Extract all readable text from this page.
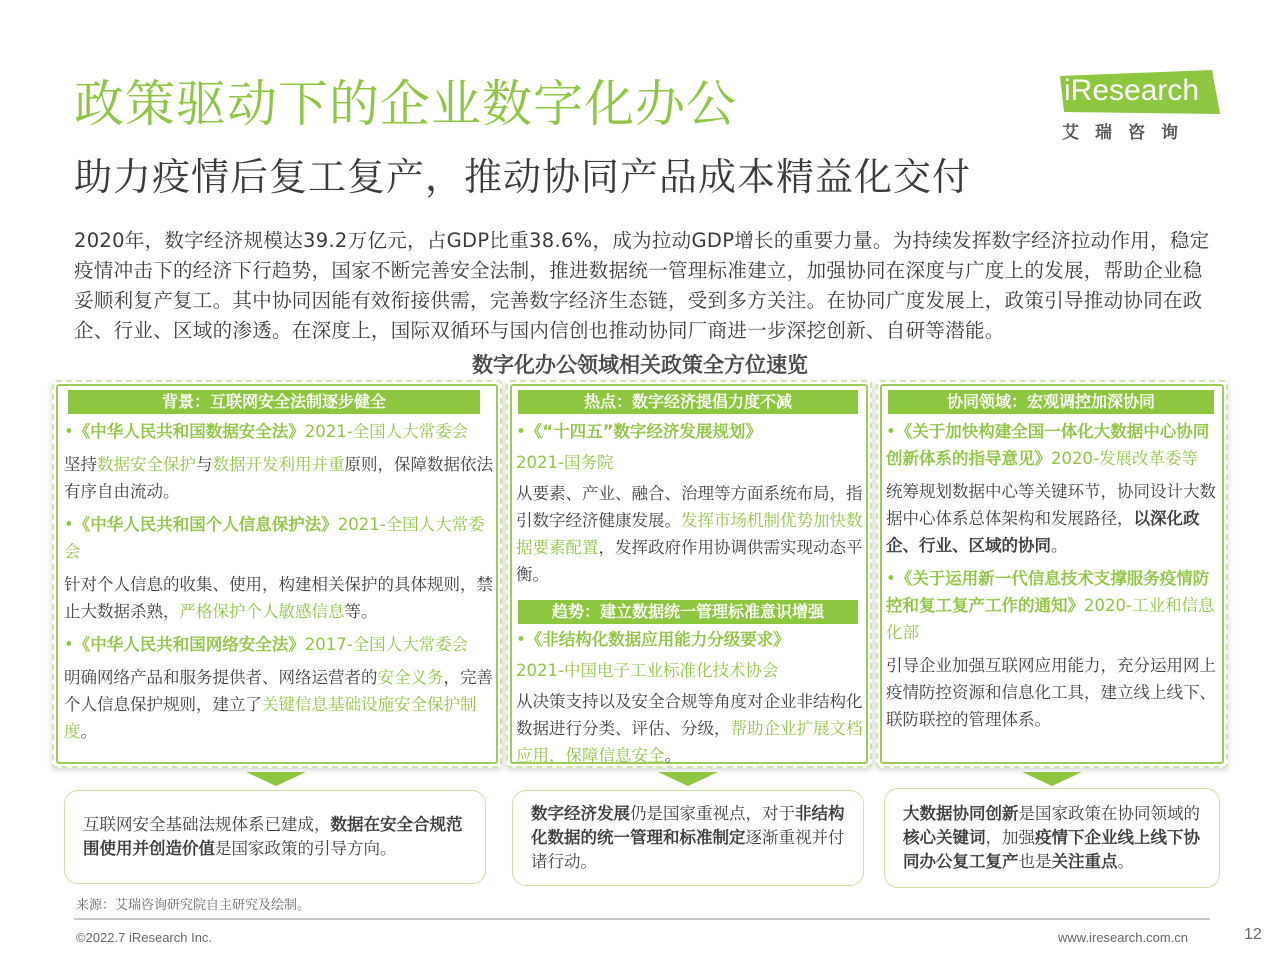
政策驱动下的企业数字化办公
助力疫情后复工复产，推动协同产品成本精益化交付
iResearch
艾瑞咨询
2020年，数字经济规模达39.2万亿元，占GDP比重38.6%，成为拉动GDP增长的重要力量。为持续发挥数字经济拉动作用，稳定疫情冲击下的经济下行趋势，国家不断完善安全法制，推进数据统一管理标准建立，加强协同在深度与广度上的发展，帮助企业稳妥顺利复产复工。其中协同因能有效衔接供需，完善数字经济生态链，受到多方关注。在协同广度发展上，政策引导推动协同在政企、行业、区域的渗透。在深度上，国际双循环与国内信创也推动协同厂商进一步深挖创新、自研等潜能。
数字化办公领域相关政策全方位速览
背景：互联网安全法制逐步健全

•《中华人民共和国数据安全法》2021-全国人大常委会

坚持数据安全保护与数据开发利用并重原则，保障数据依法有序自由流动。

•《中华人民共和国个人信息保护法》2021-全国人大常委会

针对个人信息的收集、使用，构建相关保护的具体规则，禁止大数据杀熟，严格保护个人敏感信息等。

•《中华人民共和国网络安全法》2017-全国人大常委会

明确网络产品和服务提供者、网络运营者的安全义务，完善个人信息保护规则，建立了关键信息基础设施安全保护制度。

热点：数字经济提倡力度不减

•《“十四五”数字经济发展规划》

2021-国务院

从要素、产业、融合、治理等方面系统布局，指引数字经济健康发展。发挥市场机制优势加快数据要素配置，发挥政府作用协调供需实现动态平衡。

趋势：建立数据统一管理标准意识增强

•《非结构化数据应用能力分级要求》

2021-中国电子工业标准化技术协会

从决策支持以及安全合规等角度对企业非结构化数据进行分类、评估、分级，帮助企业扩展文档应用，保障信息安全。

协同领域：宏观调控加深协同

•《关于加快构建全国一体化大数据中心协同创新体系的指导意见》2020-发展改革委等

统筹规划数据中心等关键环节，协同设计大数据中心体系总体架构和发展路径，以深化政企、行业、区域的协同。

•《关于运用新一代信息技术支撑服务疫情防控和复工复产工作的通知》2020-工业和信息化部

引导企业加强互联网应用能力，充分运用网上疫情防控资源和信息化工具，建立线上线下、联防联控的管理体系。

互联网安全基础法规体系已建成，数据在安全合规范围使用并创造价值是国家政策的引导方向。
数字经济发展仍是国家重视点，对于非结构化数据的统一管理和标准制定逐渐重视并付诸行动。
大数据协同创新是国家政策在协同领域的核心关键词，加强疫情下企业线上线下协同办公复工复产也是关注重点。
来源：艾瑞咨询研究院自主研究及绘制。
©2022.7 iResearch Inc.	www.iresearch.com.cn	12
